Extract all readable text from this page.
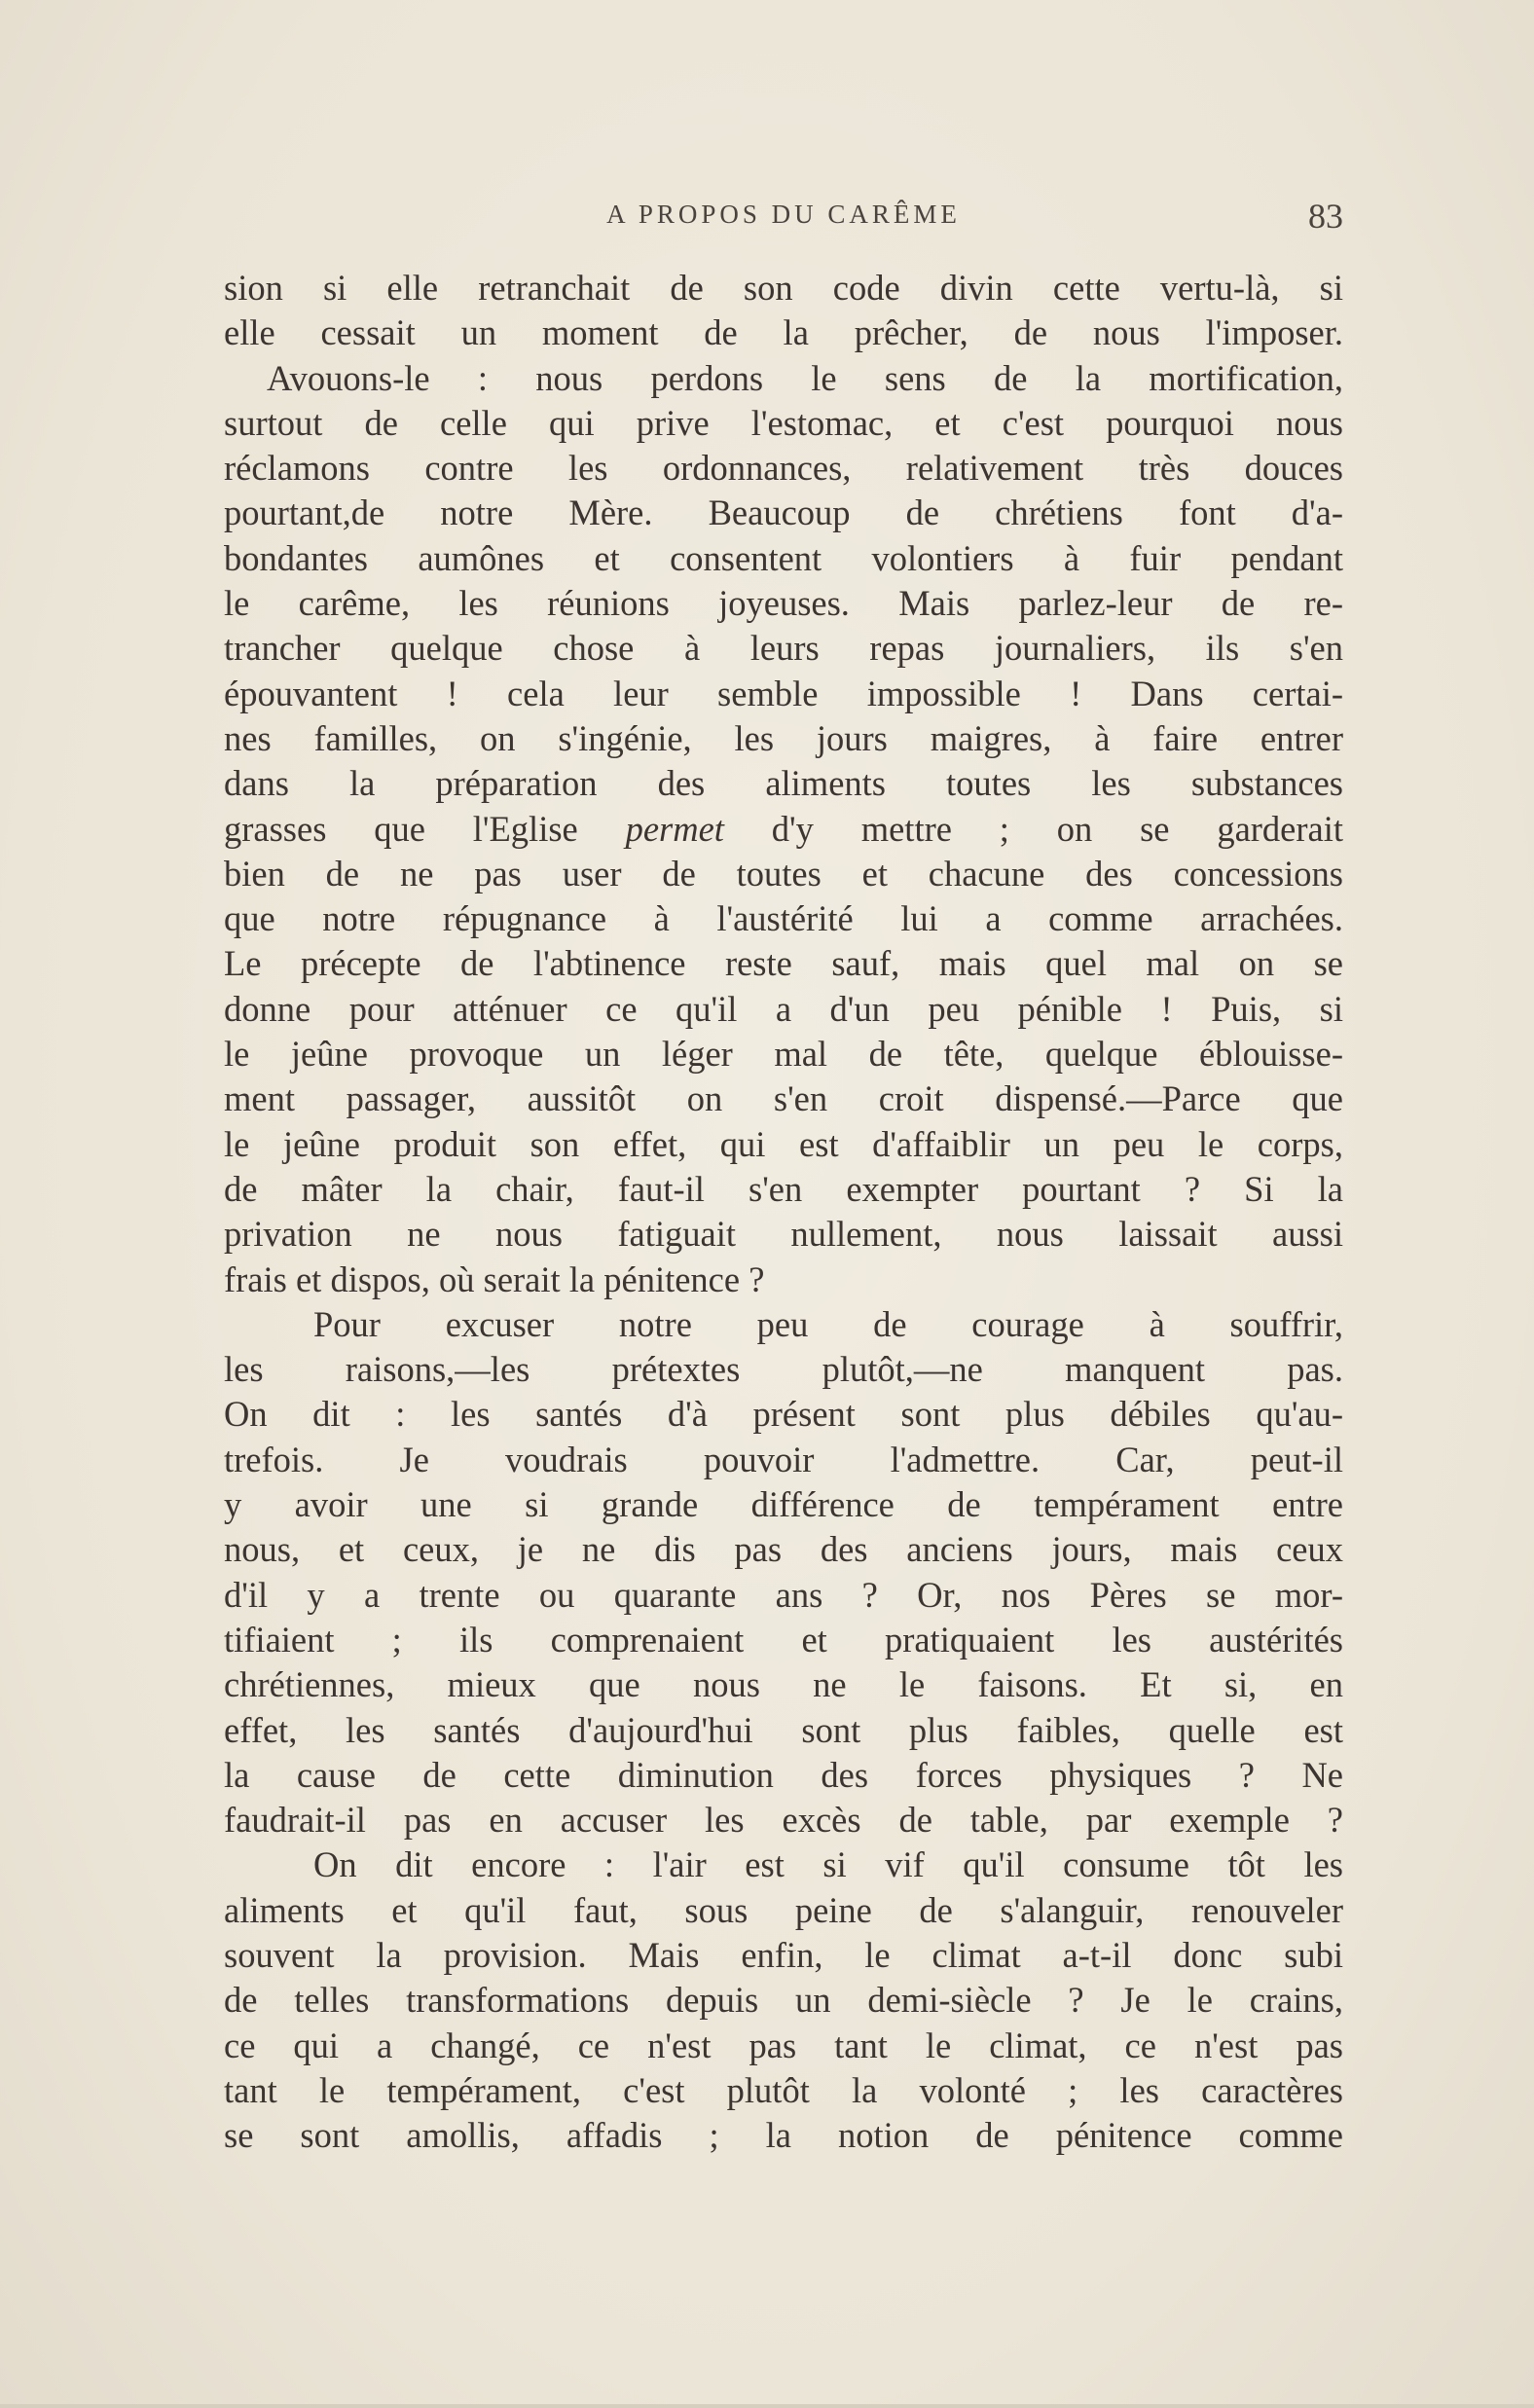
A PROPOS DU CARÊME	83
sion si elle retranchait de son code divin cette vertu-là, si
elle cessait un moment de la prêcher, de nous l'imposer.
Avouons-le : nous perdons le sens de la mortification,
surtout de celle qui prive l'estomac, et c'est pourquoi nous
réclamons contre les ordonnances, relativement très douces
pourtant,de notre Mère. Beaucoup de chrétiens font d'a-
bondantes aumônes et consentent volontiers à fuir pendant
le carême, les réunions joyeuses. Mais parlez-leur de re-
trancher quelque chose à leurs repas journaliers, ils s'en
épouvantent ! cela leur semble impossible ! Dans certai-
nes familles, on s'ingénie, les jours maigres, à faire entrer
dans la préparation des aliments toutes les substances
grasses que l'Eglise permet d'y mettre ; on se garderait
bien de ne pas user de toutes et chacune des concessions
que notre répugnance à l'austérité lui a comme arrachées.
Le précepte de l'abtinence reste sauf, mais quel mal on se
donne pour atténuer ce qu'il a d'un peu pénible ! Puis, si
le jeûne provoque un léger mal de tête, quelque éblouisse-
ment passager, aussitôt on s'en croit dispensé.—Parce que
le jeûne produit son effet, qui est d'affaiblir un peu le corps,
de mâter la chair, faut-il s'en exempter pourtant ? Si la
privation ne nous fatiguait nullement, nous laissait aussi
frais et dispos, où serait la pénitence ?
Pour excuser notre peu de courage à souffrir,
les raisons,—les prétextes plutôt,—ne manquent pas.
On dit : les santés d'à présent sont plus débiles qu'au-
trefois. Je voudrais pouvoir l'admettre. Car, peut-il
y avoir une si grande différence de tempérament entre
nous, et ceux, je ne dis pas des anciens jours, mais ceux
d'il y a trente ou quarante ans ? Or, nos Pères se mor-
tifiaient ; ils comprenaient et pratiquaient les austérités
chrétiennes, mieux que nous ne le faisons. Et si, en
effet, les santés d'aujourd'hui sont plus faibles, quelle est
la cause de cette diminution des forces physiques ? Ne
faudrait-il pas en accuser les excès de table, par exemple ?
On dit encore : l'air est si vif qu'il consume tôt les
aliments et qu'il faut, sous peine de s'alanguir, renouveler
souvent la provision. Mais enfin, le climat a-t-il donc subi
de telles transformations depuis un demi-siècle ? Je le crains,
ce qui a changé, ce n'est pas tant le climat, ce n'est pas
tant le tempérament, c'est plutôt la volonté ; les caractères
se sont amollis, affadis ; la notion de pénitence comme
